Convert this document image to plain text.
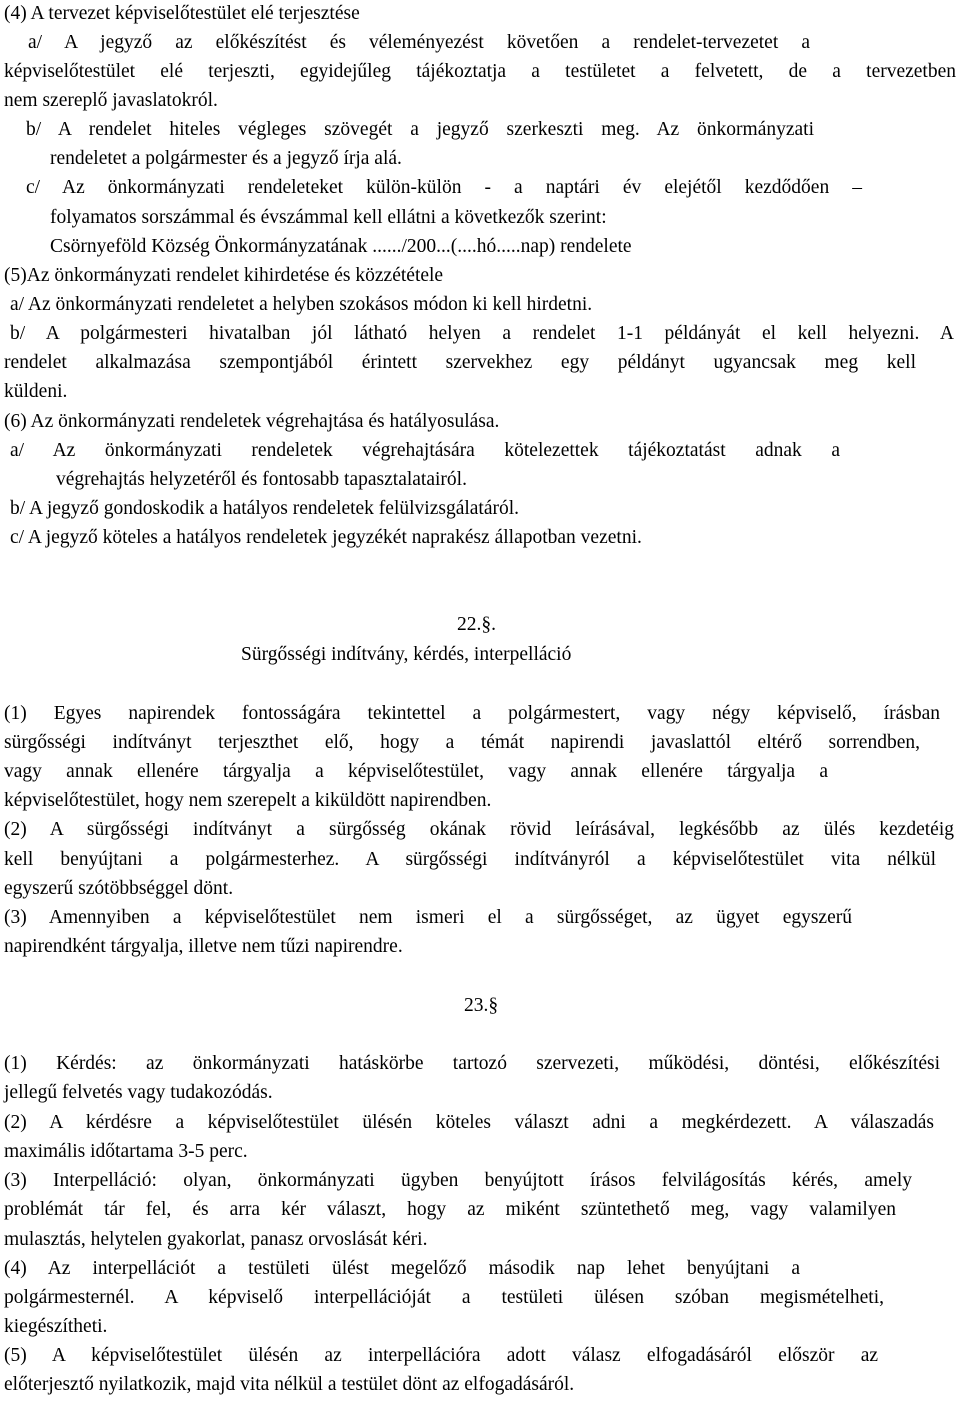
(4) A tervezet képviselőtestület elé terjesztése
a/ A jegyző az előkészítést és véleményezést követően a rendelet-tervezetet a
képviselőtestület elé terjeszti, egyidejűleg tájékoztatja a testületet a felvetett, de a tervezetben
nem szereplő javaslatokról.
b/ A rendelet hiteles végleges szövegét a jegyző szerkeszti meg. Az önkormányzati
rendeletet a polgármester és a jegyző írja alá.
c/ Az önkormányzati rendeleteket külön-külön - a naptári év elejétől kezdődően –
folyamatos sorszámmal és évszámmal kell ellátni a következők szerint:
Csörnyeföld Község Önkormányzatának ....../200...(....hó.....nap) rendelete
(5)Az önkormányzati rendelet kihirdetése és közzététele
a/ Az önkormányzati rendeletet a helyben szokásos módon ki kell hirdetni.
b/ A polgármesteri hivatalban jól látható helyen a rendelet 1-1 példányát el kell helyezni. A
rendelet alkalmazása szempontjából érintett szervekhez egy példányt ugyancsak meg kell
küldeni.
(6) Az önkormányzati rendeletek végrehajtása és hatályosulása.
a/ Az önkormányzati rendeletek végrehajtására kötelezettek tájékoztatást adnak a
végrehajtás helyzetéről és fontosabb tapasztalatairól.
b/ A jegyző gondoskodik a hatályos rendeletek felülvizsgálatáról.
c/ A jegyző köteles a hatályos rendeletek jegyzékét naprakész állapotban vezetni.
22.§.
Sürgősségi indítvány, kérdés, interpelláció
(1) Egyes napirendek fontosságára tekintettel a polgármestert, vagy négy képviselő, írásban
sürgősségi indítványt terjeszthet elő, hogy a témát napirendi javaslattól eltérő sorrendben,
vagy annak ellenére tárgyalja a képviselőtestület, vagy annak ellenére tárgyalja a
képviselőtestület, hogy nem szerepelt a kiküldött napirendben.
(2) A sürgősségi indítványt a sürgősség okának rövid leírásával, legkésőbb az ülés kezdetéig
kell benyújtani a polgármesterhez. A sürgősségi indítványról a képviselőtestület vita nélkül
egyszerű szótöbbséggel dönt.
(3) Amennyiben a képviselőtestület nem ismeri el a sürgősséget, az ügyet egyszerű
napirendként tárgyalja, illetve nem tűzi napirendre.
23.§
(1) Kérdés: az önkormányzati hatáskörbe tartozó szervezeti, működési, döntési, előkészítési
jellegű felvetés vagy tudakozódás.
(2) A kérdésre a képviselőtestület ülésén köteles választ adni a megkérdezett. A válaszadás
maximális időtartama 3-5 perc.
(3) Interpelláció: olyan, önkormányzati ügyben benyújtott írásos felvilágosítás kérés, amely
problémát tár fel, és arra kér választ, hogy az miként szüntethető meg, vagy valamilyen
mulasztás, helytelen gyakorlat, panasz orvoslását kéri.
(4) Az interpellációt a testületi ülést megelőző második nap lehet benyújtani a
polgármesternél. A képviselő interpellációját a testületi ülésen szóban megismételheti,
kiegészítheti.
(5) A képviselőtestület ülésén az interpellációra adott válasz elfogadásáról először az
előterjesztő nyilatkozik, majd vita nélkül a testület dönt az elfogadásáról.
